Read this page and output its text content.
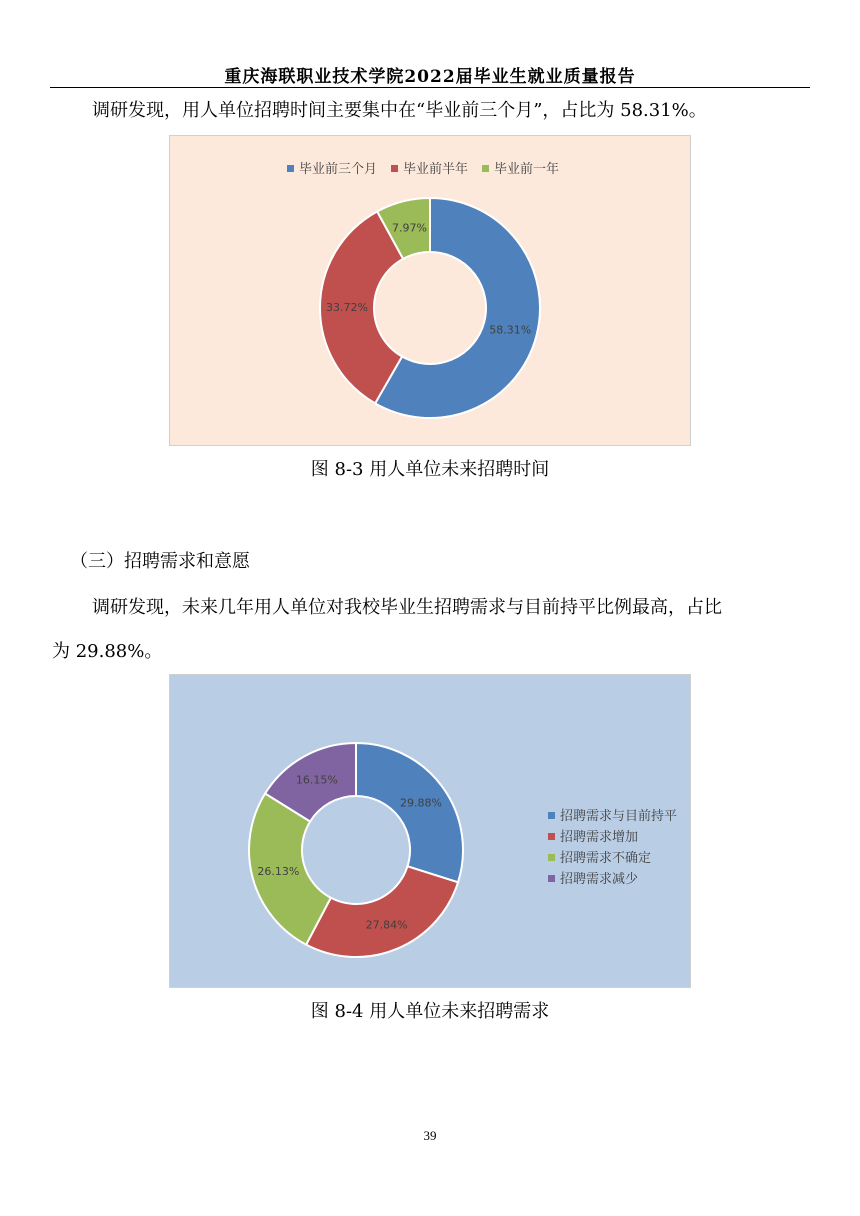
重庆海联职业技术学院2022届毕业生就业质量报告
调研发现，用人单位招聘时间主要集中在“毕业前三个月”，占比为 58.31%。
58.31%
33.72%
7.97%
毕业前三个月 毕业前半年 毕业前一年
图 8-3 用人单位未来招聘时间
（三）招聘需求和意愿
调研发现，未来几年用人单位对我校毕业生招聘需求与目前持平比例最高，占比
为 29.88%。
29.88%
27.84%
26.13%
16.15%
招聘需求与目前持平
招聘需求增加
招聘需求不确定
招聘需求减少
图 8-4 用人单位未来招聘需求
39
